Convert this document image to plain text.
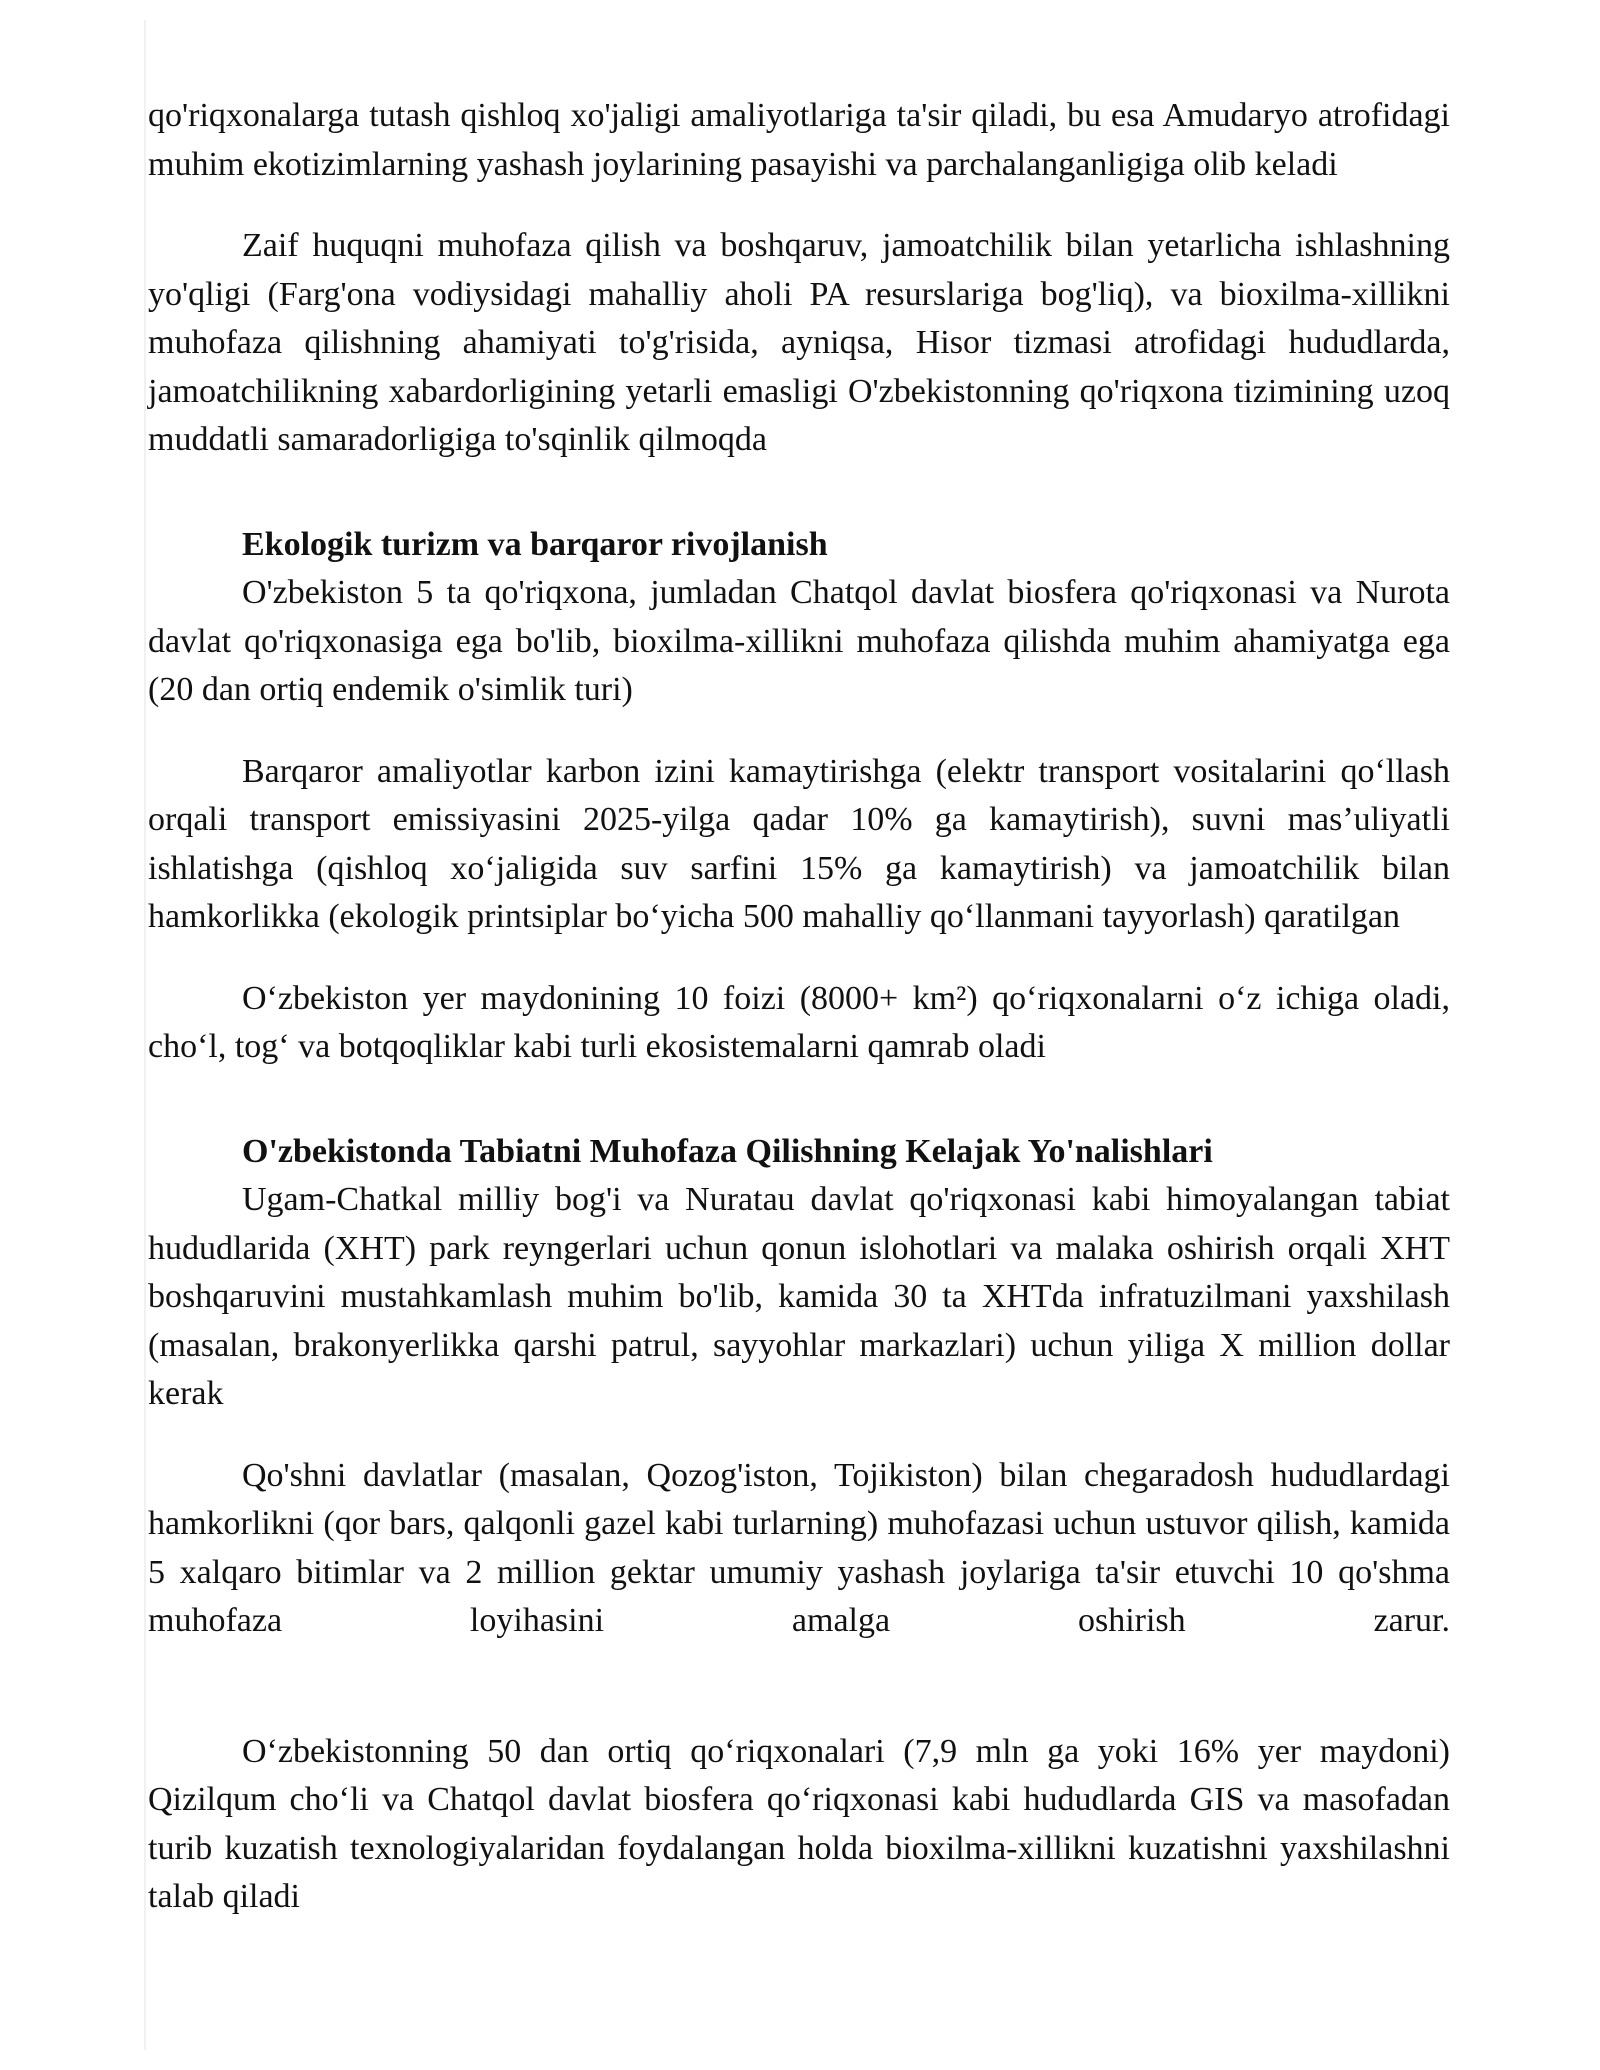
qo'riqxonalarga tutash qishloq xo'jaligi amaliyotlariga ta'sir qiladi, bu esa Amudaryo atrofidagi muhim ekotizimlarning yashash joylarining pasayishi va parchalanganligiga olib keladi

Zaif huquqni muhofaza qilish va boshqaruv, jamoatchilik bilan yetarlicha ishlashning yo'qligi (Farg'ona vodiysidagi mahalliy aholi PA resurslariga bog'liq), va bioxilma-xillikni muhofaza qilishning ahamiyati to'g'risida, ayniqsa, Hisor tizmasi atrofidagi hududlarda, jamoatchilikning xabardorligining yetarli emasligi O'zbekistonning qo'riqxona tizimining uzoq muddatli samaradorligiga to'sqinlik qilmoqda

Ekologik turizm va barqaror rivojlanish

O'zbekiston 5 ta qo'riqxona, jumladan Chatqol davlat biosfera qo'riqxonasi va Nurota davlat qo'riqxonasiga ega bo'lib, bioxilma-xillikni muhofaza qilishda muhim ahamiyatga ega (20 dan ortiq endemik o'simlik turi)

Barqaror amaliyotlar karbon izini kamaytirishga (elektr transport vositalarini qo‘llash orqali transport emissiyasini 2025-yilga qadar 10% ga kamaytirish), suvni mas’uliyatli ishlatishga (qishloq xo‘jaligida suv sarfini 15% ga kamaytirish) va jamoatchilik bilan hamkorlikka (ekologik printsiplar bo‘yicha 500 mahalliy qo‘llanmani tayyorlash) qaratilgan

O‘zbekiston yer maydonining 10 foizi (8000+ km²) qo‘riqxonalarni o‘z ichiga oladi, cho‘l, tog‘ va botqoqliklar kabi turli ekosistemalarni qamrab oladi

O'zbekistonda Tabiatni Muhofaza Qilishning Kelajak Yo'nalishlari

Ugam-Chatkal milliy bog'i va Nuratau davlat qo'riqxonasi kabi himoyalangan tabiat hududlarida (XHT) park reyngerlari uchun qonun islohotlari va malaka oshirish orqali XHT boshqaruvini mustahkamlash muhim bo'lib, kamida 30 ta XHTda infratuzilmani yaxshilash (masalan, brakonyerlikka qarshi patrul, sayyohlar markazlari) uchun yiliga X million dollar kerak

Qo'shni davlatlar (masalan, Qozog'iston, Tojikiston) bilan chegaradosh hududlardagi hamkorlikni (qor bars, qalqonli gazel kabi turlarning) muhofazasi uchun ustuvor qilish, kamida 5 xalqaro bitimlar va 2 million gektar umumiy yashash joylariga ta'sir etuvchi 10 qo'shma muhofaza loyihasini amalga oshirish zarur.

O‘zbekistonning 50 dan ortiq qo‘riqxonalari (7,9 mln ga yoki 16% yer maydoni) Qizilqum cho‘li va Chatqol davlat biosfera qo‘riqxonasi kabi hududlarda GIS va masofadan turib kuzatish texnologiyalaridan foydalangan holda bioxilma-xillikni kuzatishni yaxshilashni talab qiladi
